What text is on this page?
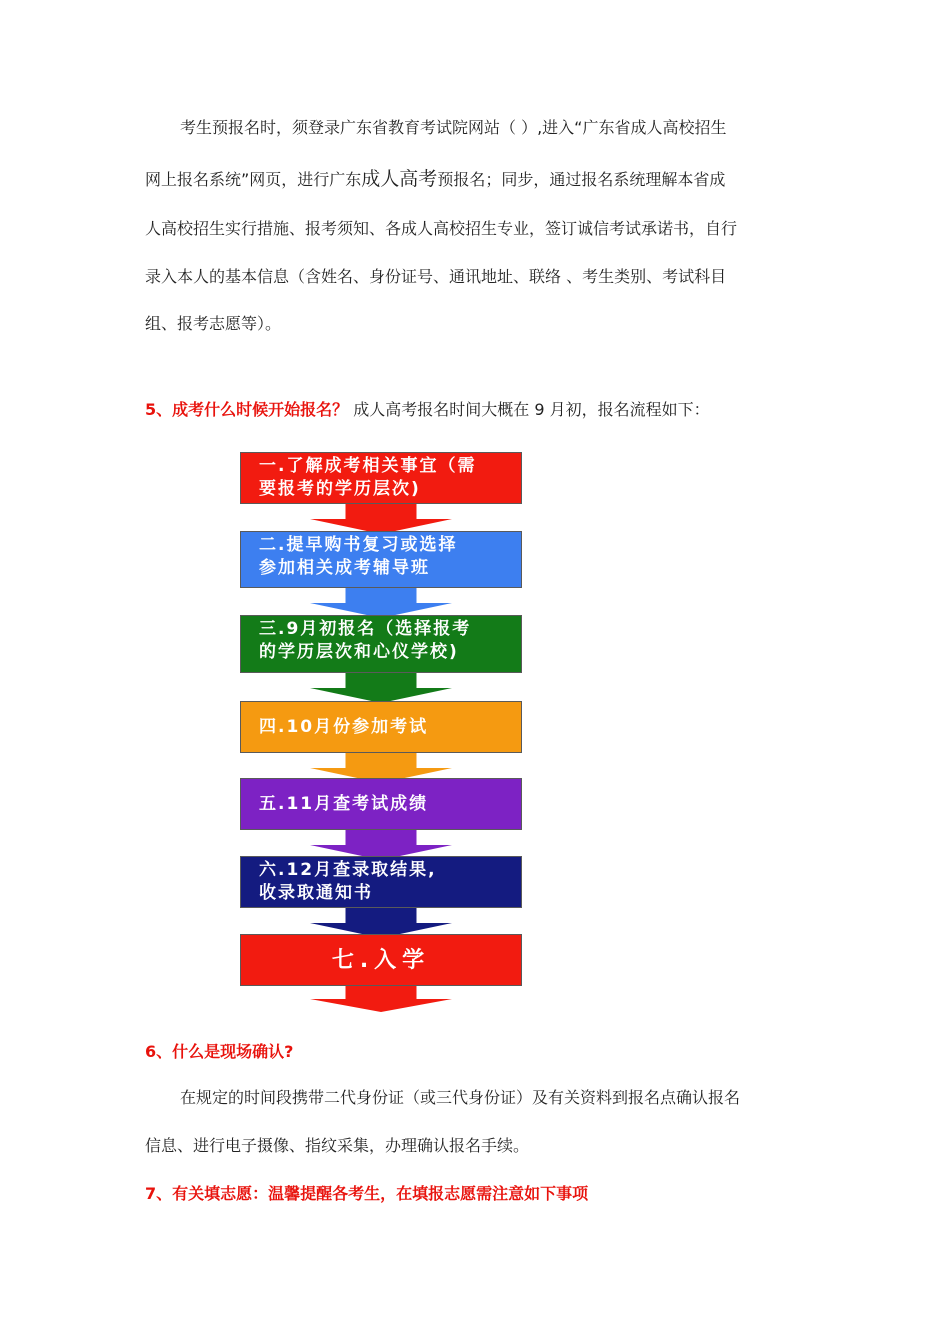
考生预报名时，须登录广东省教育考试院网站（ ）,进入“广东省成人高校招生
网上报名系统”网页，进行广东成人高考预报名；同步，通过报名系统理解本省成
人高校招生实行措施、报考须知、各成人高校招生专业，签订诚信考试承诺书，自行
录入本人的基本信息（含姓名、身份证号、通讯地址、联络 、考生类别、考试科目
组、报考志愿等）。
5、成考什么时候开始报名？ 成人高考报名时间大概在 9 月初，报名流程如下：
一.了解成考相关事宜（需
要报考的学历层次)
二.提早购书复习或选择
参加相关成考辅导班
三.9月初报名（选择报考
的学历层次和心仪学校)
四.10月份参加考试
五.11月查考试成绩
六.12月查录取结果,
收录取通知书
七.入学
6、什么是现场确认?
在规定的时间段携带二代身份证（或三代身份证）及有关资料到报名点确认报名
信息、进行电子摄像、指纹采集，办理确认报名手续。
7、有关填志愿：温馨提醒各考生，在填报志愿需注意如下事项
